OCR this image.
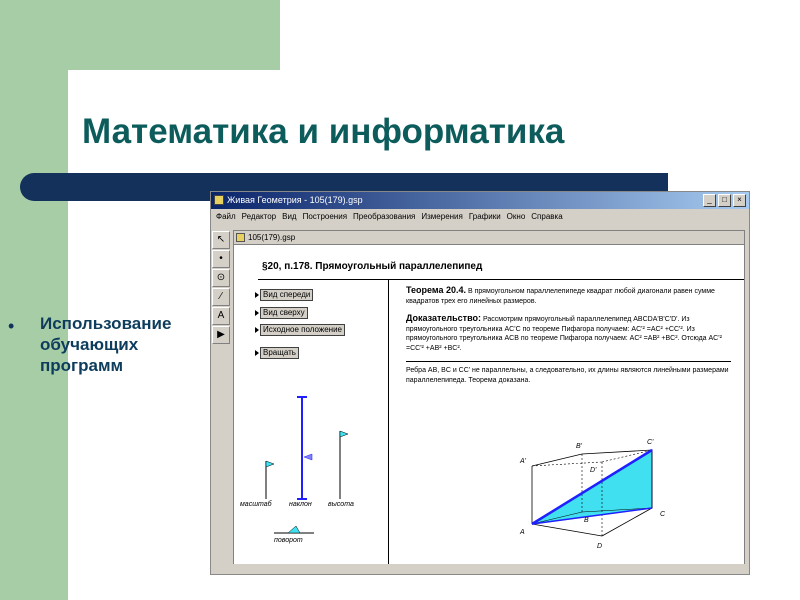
Математика и информатика
• Использование обучающих программ
Живая Геометрия - 105(179).gsp	_	□	×
Файл Редактор Вид Построения Преобразования Измерения Графики Окно Справка
↖
•
⊙
∕
A
▶
105(179).gsp
§20, п.178. Прямоугольный параллелепипед
Вид спереди
Вид сверху
Исходное положение
Вращать
масштаб наклон высота
поворот
Теорема 20.4. В прямоугольном параллелепипеде квадрат любой диагонали равен сумме квадратов трех его линейных размеров.
Доказательство: Рассмотрим прямоугольный параллелепипед ABCDA'B'C'D'. Из прямоугольного треугольника AC'C по теореме Пифагора получаем: AC'² =AC² +CC'². Из прямоугольного треугольника ACB по теореме Пифагора получаем: AC² =AB² +BC². Отсюда AC'² =CC'² +AB² +BC².
Ребра AB, BC и CC' не параллельны, а следовательно, их длины являются линейными размерами параллелепипеда. Теорема доказана.
A'
B'
C'
D'
A
B
C
D
